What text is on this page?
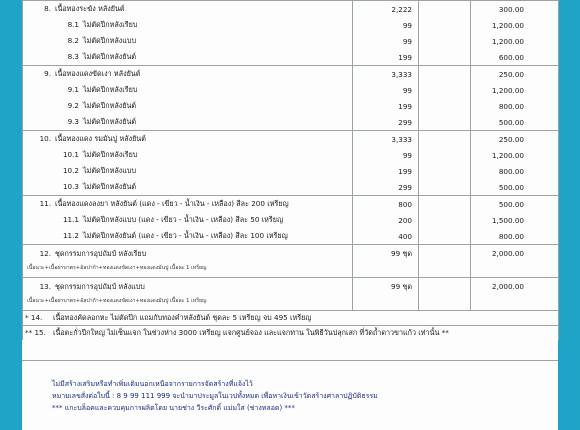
8. เนื้อทองระฆัง หลังยันต์	2,222		300.00
8.1 ไม่ตัดปีกหลังเรียบ	99		1,200.00
8.2 ไม่ตัดปีกหลังแบบ	99		1,200.00
8.3 ไม่ตัดปีกหลังยันต์	199		600.00
9. เนื้อทองแดงขัดเงา หลังยันต์	3,333		250.00
9.1 ไม่ตัดปีกหลังเรียบ	99		1,200.00
9.2 ไม่ตัดปีกหลังยันต์	199		800.00
9.3 ไม่ตัดปีกหลังยันต์	299		500.00
10. เนื้อทองแดง รมมันปู หลังยันต์	3,333		250.00
10.1 ไม่ตัดปีกหลังเรียบ	99		1,200.00
10.2 ไม่ตัดปีกหลังแบบ	199		800.00
10.3 ไม่ตัดปีกหลังยันต์	299		500.00
11. เนื้อทองแดงลงยา หลังยันต์ (แดง - เขียว - น้ำเงิน - เหลือง) สีละ 200 เหรียญ	800		500.00
11.1 ไม่ตัดปีกหลังแบบ (แดง - เขียว - น้ำเงิน - เหลือง) สีละ 50 เหรียญ	200		1,500.00
11.2 ไม่ตัดปีกหลังยันต์ (แดง - เขียว - น้ำเงิน - เหลือง) สีละ 100 เหรียญ	400		800.00
12. ชุดกรรมการอุปถัมป์ หลังเรียบ
เนื้อนวะ+เนื้อผ่าบาตร+อัลปาก้า+ทองแดงขัดเงา+ทองแดงมันปู เนื้อละ 1 เหรียญ	99 ชุด		2,000.00
13. ชุดกรรมการอุปถัมป์ หลังแบบ
เนื้อนวะ+เนื้อผ่าบาตร+อัลปาก้า+ทองแดงขัดเงา+ทองแดงมันปู เนื้อละ 1 เหรียญ	99 ชุด		2,000.00
* 14. เนื้อทองคัดลอกหะ ไม่ตัดปีก แถมกับทองคำหลังยันต์ ชุดละ 5 เหรียญ จบ 495 เหรียญ			
** 15. เนื้อตะกั่วปีกใหญ่ ไม่เซ็นแจก ในช่วงห่าง 3000 เหรียญ แจกศูนย์จอง และแจกทาน ในพิธีวันปลุกเสก ที่วัดถ้ำดาวขาแก้ว เท่านั้น **			
ไม่มีสร้างเสริมหรือทำเพิ่มเติมนอกเหนือจากรายการจัดสร้างที่แจ้งไว้
หมายเลขสั่งต่อใบนี้ : 8 9 99 111 999 จะนำมาประมูลในเวปทั้งหมด เพื่อหาเงินเข้าวัดสร้างศาลาปฏิบัติธรรม
*** แกะบล็อคและควบคุมการผลิตโดย นายช่าง วีระศักดิ์ แม่มใส (ช่างหลอด) ***
